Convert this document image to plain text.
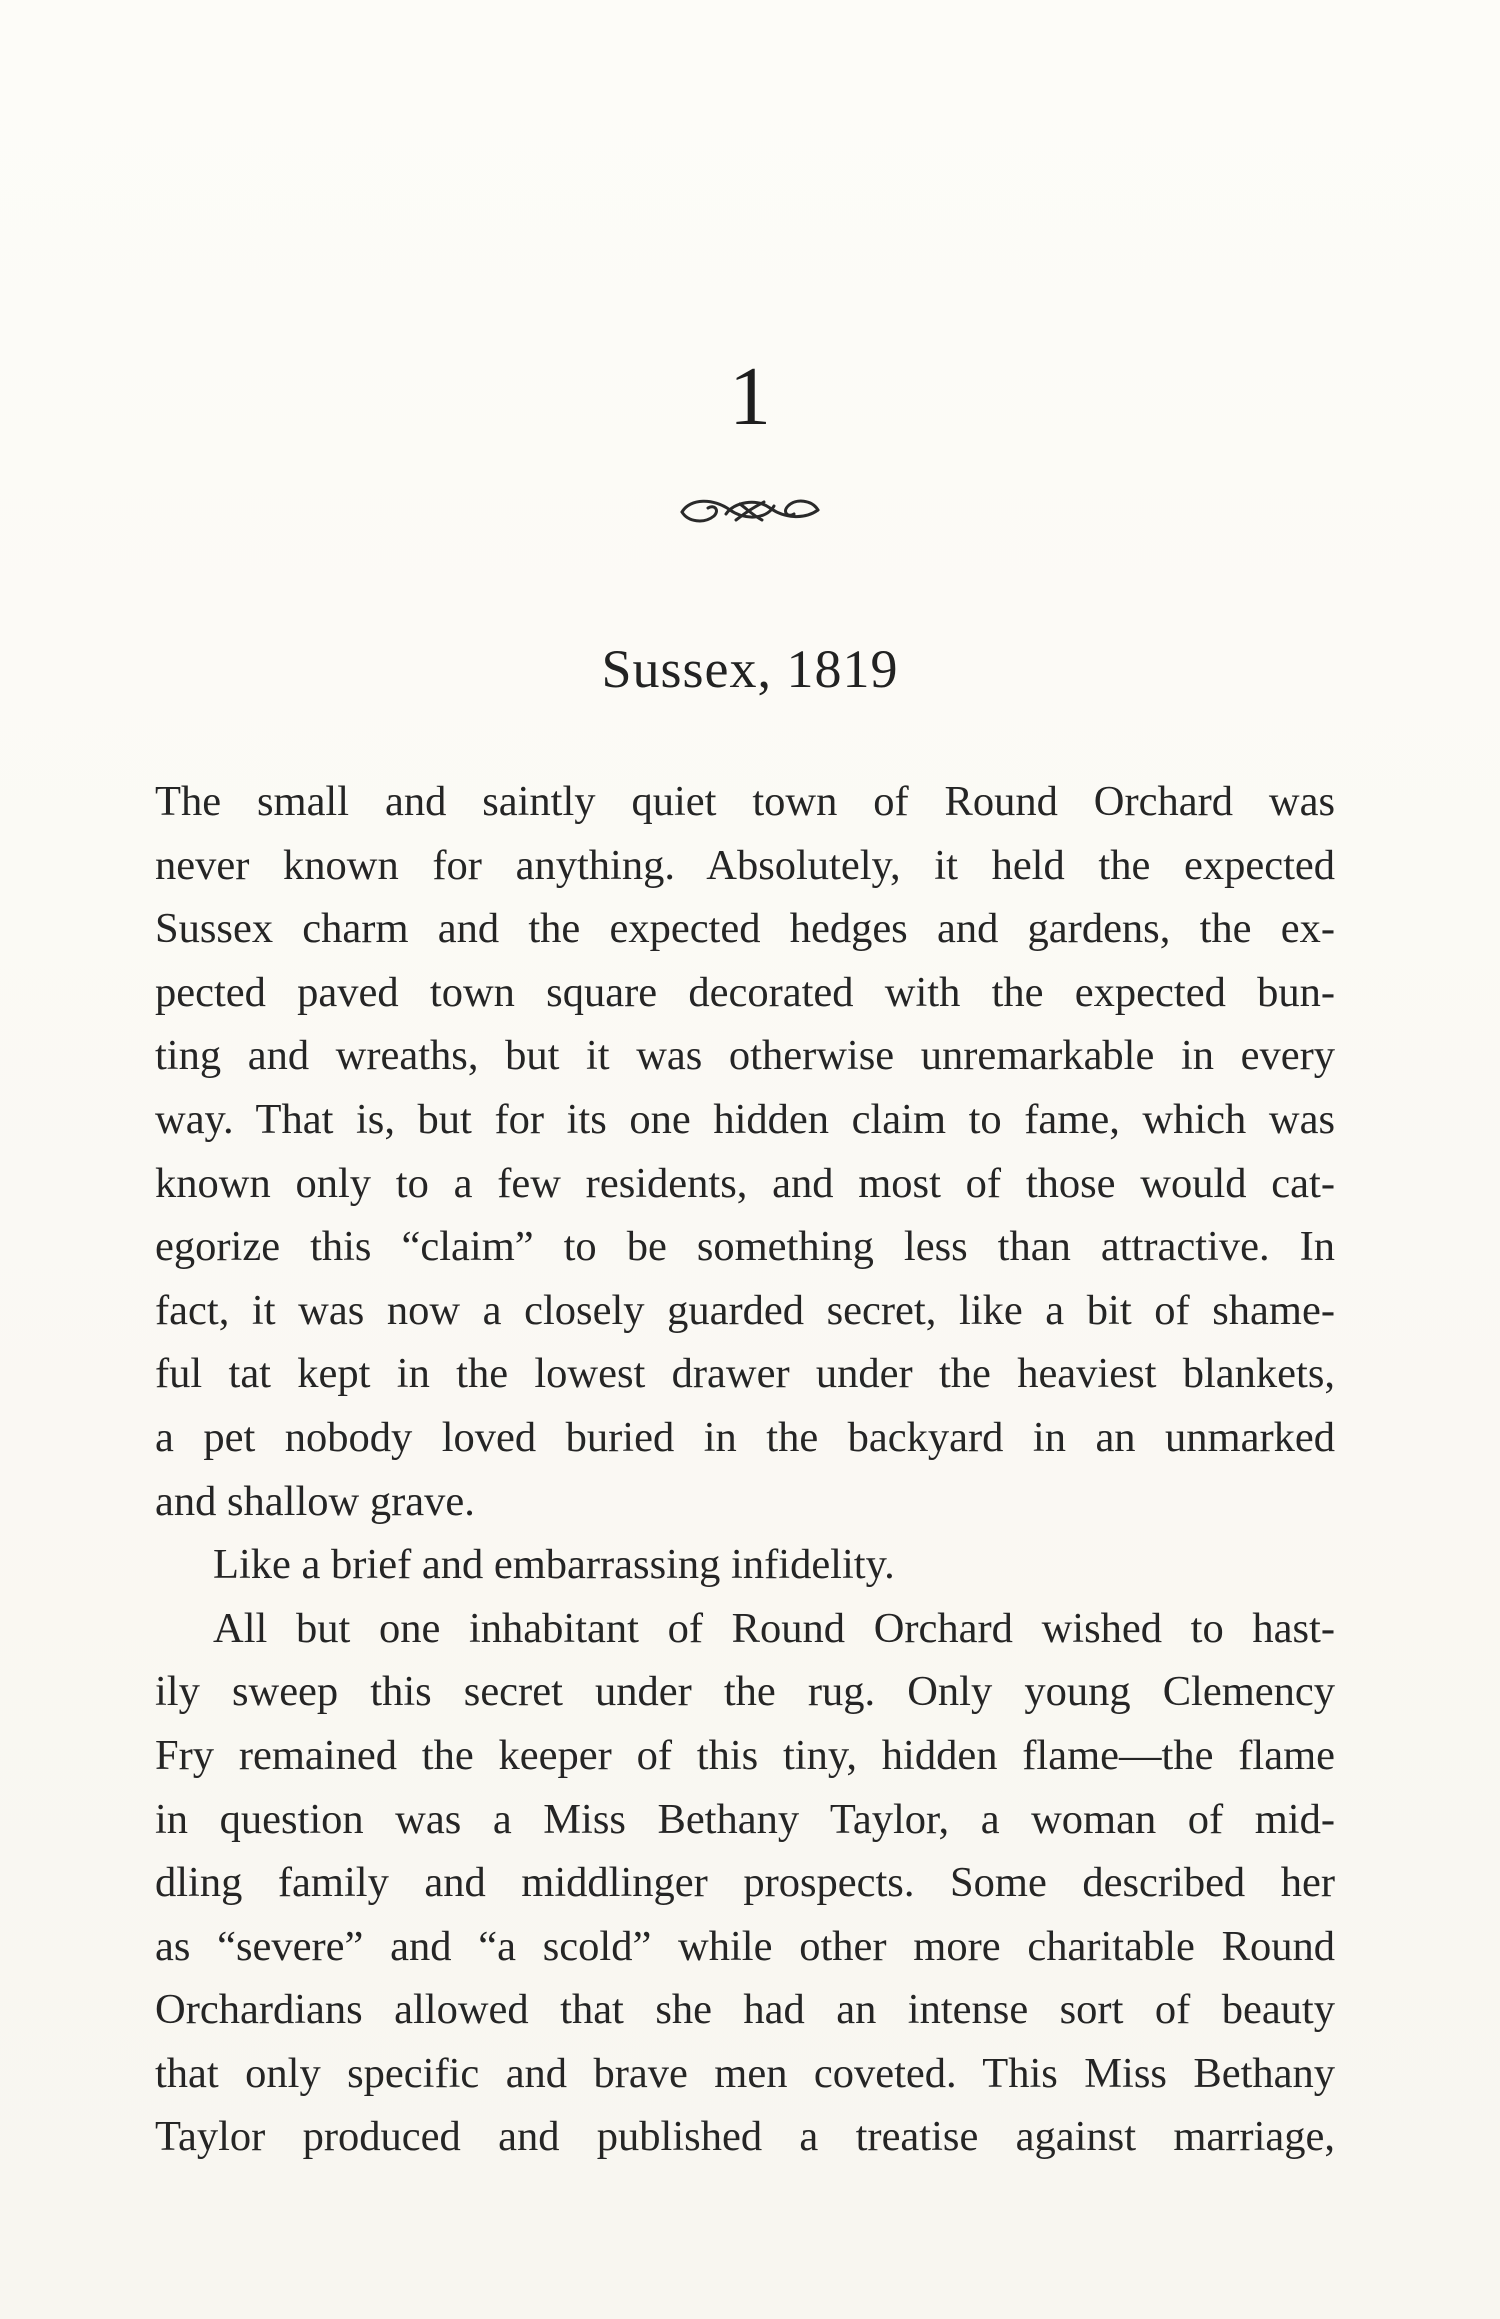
1
Sussex, 1819
The small and saintly quiet town of Round Orchard was
never known for anything. Absolutely, it held the expected
Sussex charm and the expected hedges and gardens, the ex-
pected paved town square decorated with the expected bun-
ting and wreaths, but it was otherwise unremarkable in every
way. That is, but for its one hidden claim to fame, which was
known only to a few residents, and most of those would cat-
egorize this “claim” to be something less than attractive. In
fact, it was now a closely guarded secret, like a bit of shame-
ful tat kept in the lowest drawer under the heaviest blankets,
a pet nobody loved buried in the backyard in an unmarked
and shallow grave.
Like a brief and embarrassing infidelity.
All but one inhabitant of Round Orchard wished to hast-
ily sweep this secret under the rug. Only young Clemency
Fry remained the keeper of this tiny, hidden flame—the flame
in question was a Miss Bethany Taylor, a woman of mid-
dling family and middlinger prospects. Some described her
as “severe” and “a scold” while other more charitable Round
Orchardians allowed that she had an intense sort of beauty
that only specific and brave men coveted. This Miss Bethany
Taylor produced and published a treatise against marriage,
